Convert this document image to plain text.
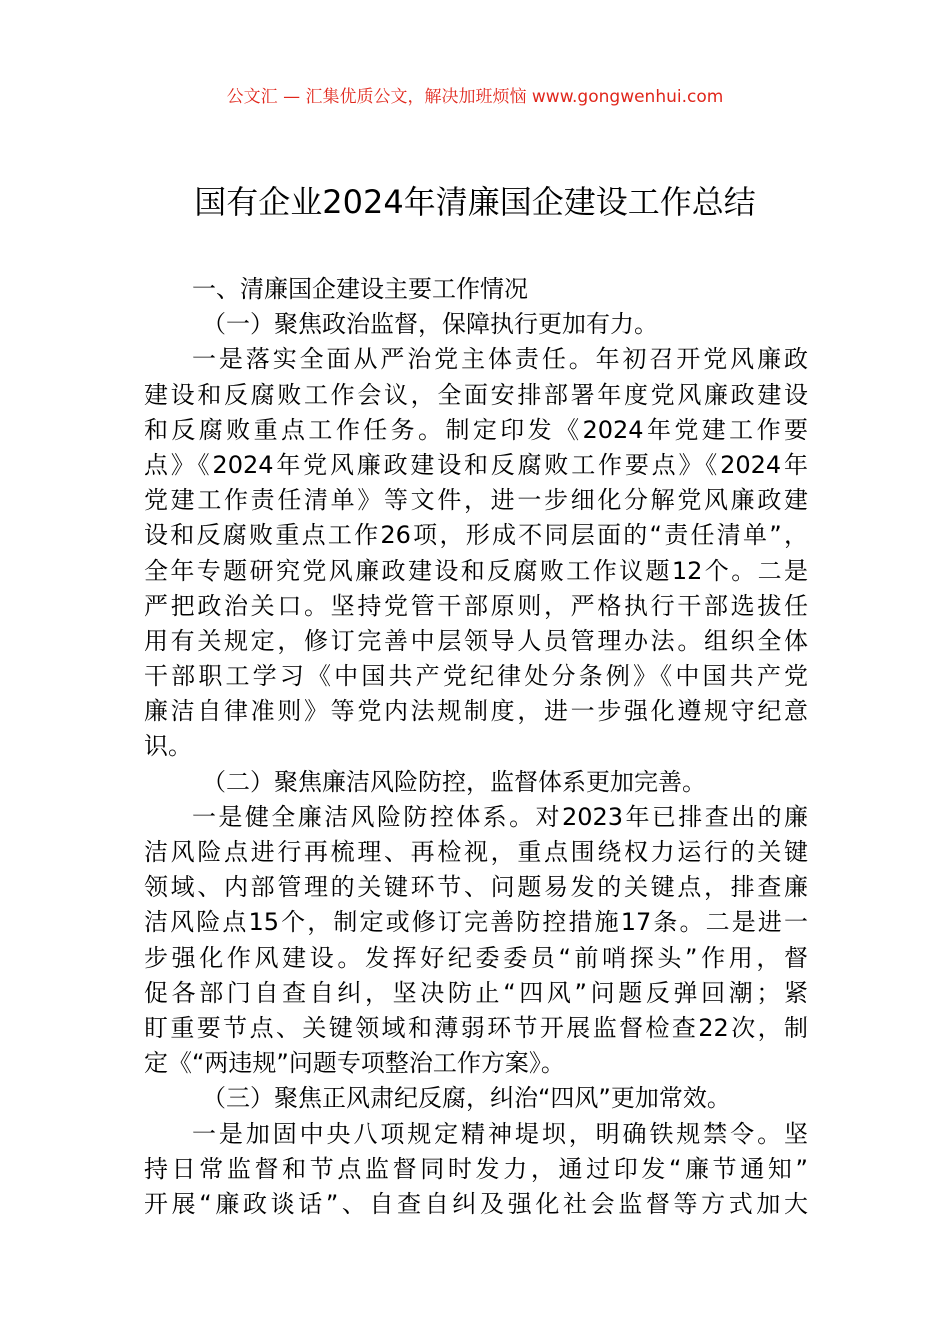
公文汇 — 汇集优质公文，解决加班烦恼 www.gongwenhui.com
国有企业2024年清廉国企建设工作总结
一、清廉国企建设主要工作情况
（一）聚焦政治监督，保障执行更加有力。
一是落实全面从严治党主体责任。年初召开党风廉政
建设和反腐败工作会议，全面安排部署年度党风廉政建设
和反腐败重点工作任务。制定印发《2024年党建工作要
点》《2024年党风廉政建设和反腐败工作要点》《2024年
党建工作责任清单》等文件，进一步细化分解党风廉政建
设和反腐败重点工作26项，形成不同层面的“责任清单”，
全年专题研究党风廉政建设和反腐败工作议题12个。二是
严把政治关口。坚持党管干部原则，严格执行干部选拔任
用有关规定，修订完善中层领导人员管理办法。组织全体
干部职工学习《中国共产党纪律处分条例》《中国共产党
廉洁自律准则》等党内法规制度，进一步强化遵规守纪意
识。
（二）聚焦廉洁风险防控，监督体系更加完善。
一是健全廉洁风险防控体系。对2023年已排查出的廉
洁风险点进行再梳理、再检视，重点围绕权力运行的关键
领域、内部管理的关键环节、问题易发的关键点，排查廉
洁风险点15个，制定或修订完善防控措施17条。二是进一
步强化作风建设。发挥好纪委委员“前哨探头”作用，督
促各部门自查自纠，坚决防止“四风”问题反弹回潮；紧
盯重要节点、关键领域和薄弱环节开展监督检查22次，制
定《“两违规”问题专项整治工作方案》。
（三）聚焦正风肃纪反腐，纠治“四风”更加常效。
一是加固中央八项规定精神堤坝，明确铁规禁令。坚
持日常监督和节点监督同时发力，通过印发“廉节通知”
开展“廉政谈话”、自查自纠及强化社会监督等方式加大
